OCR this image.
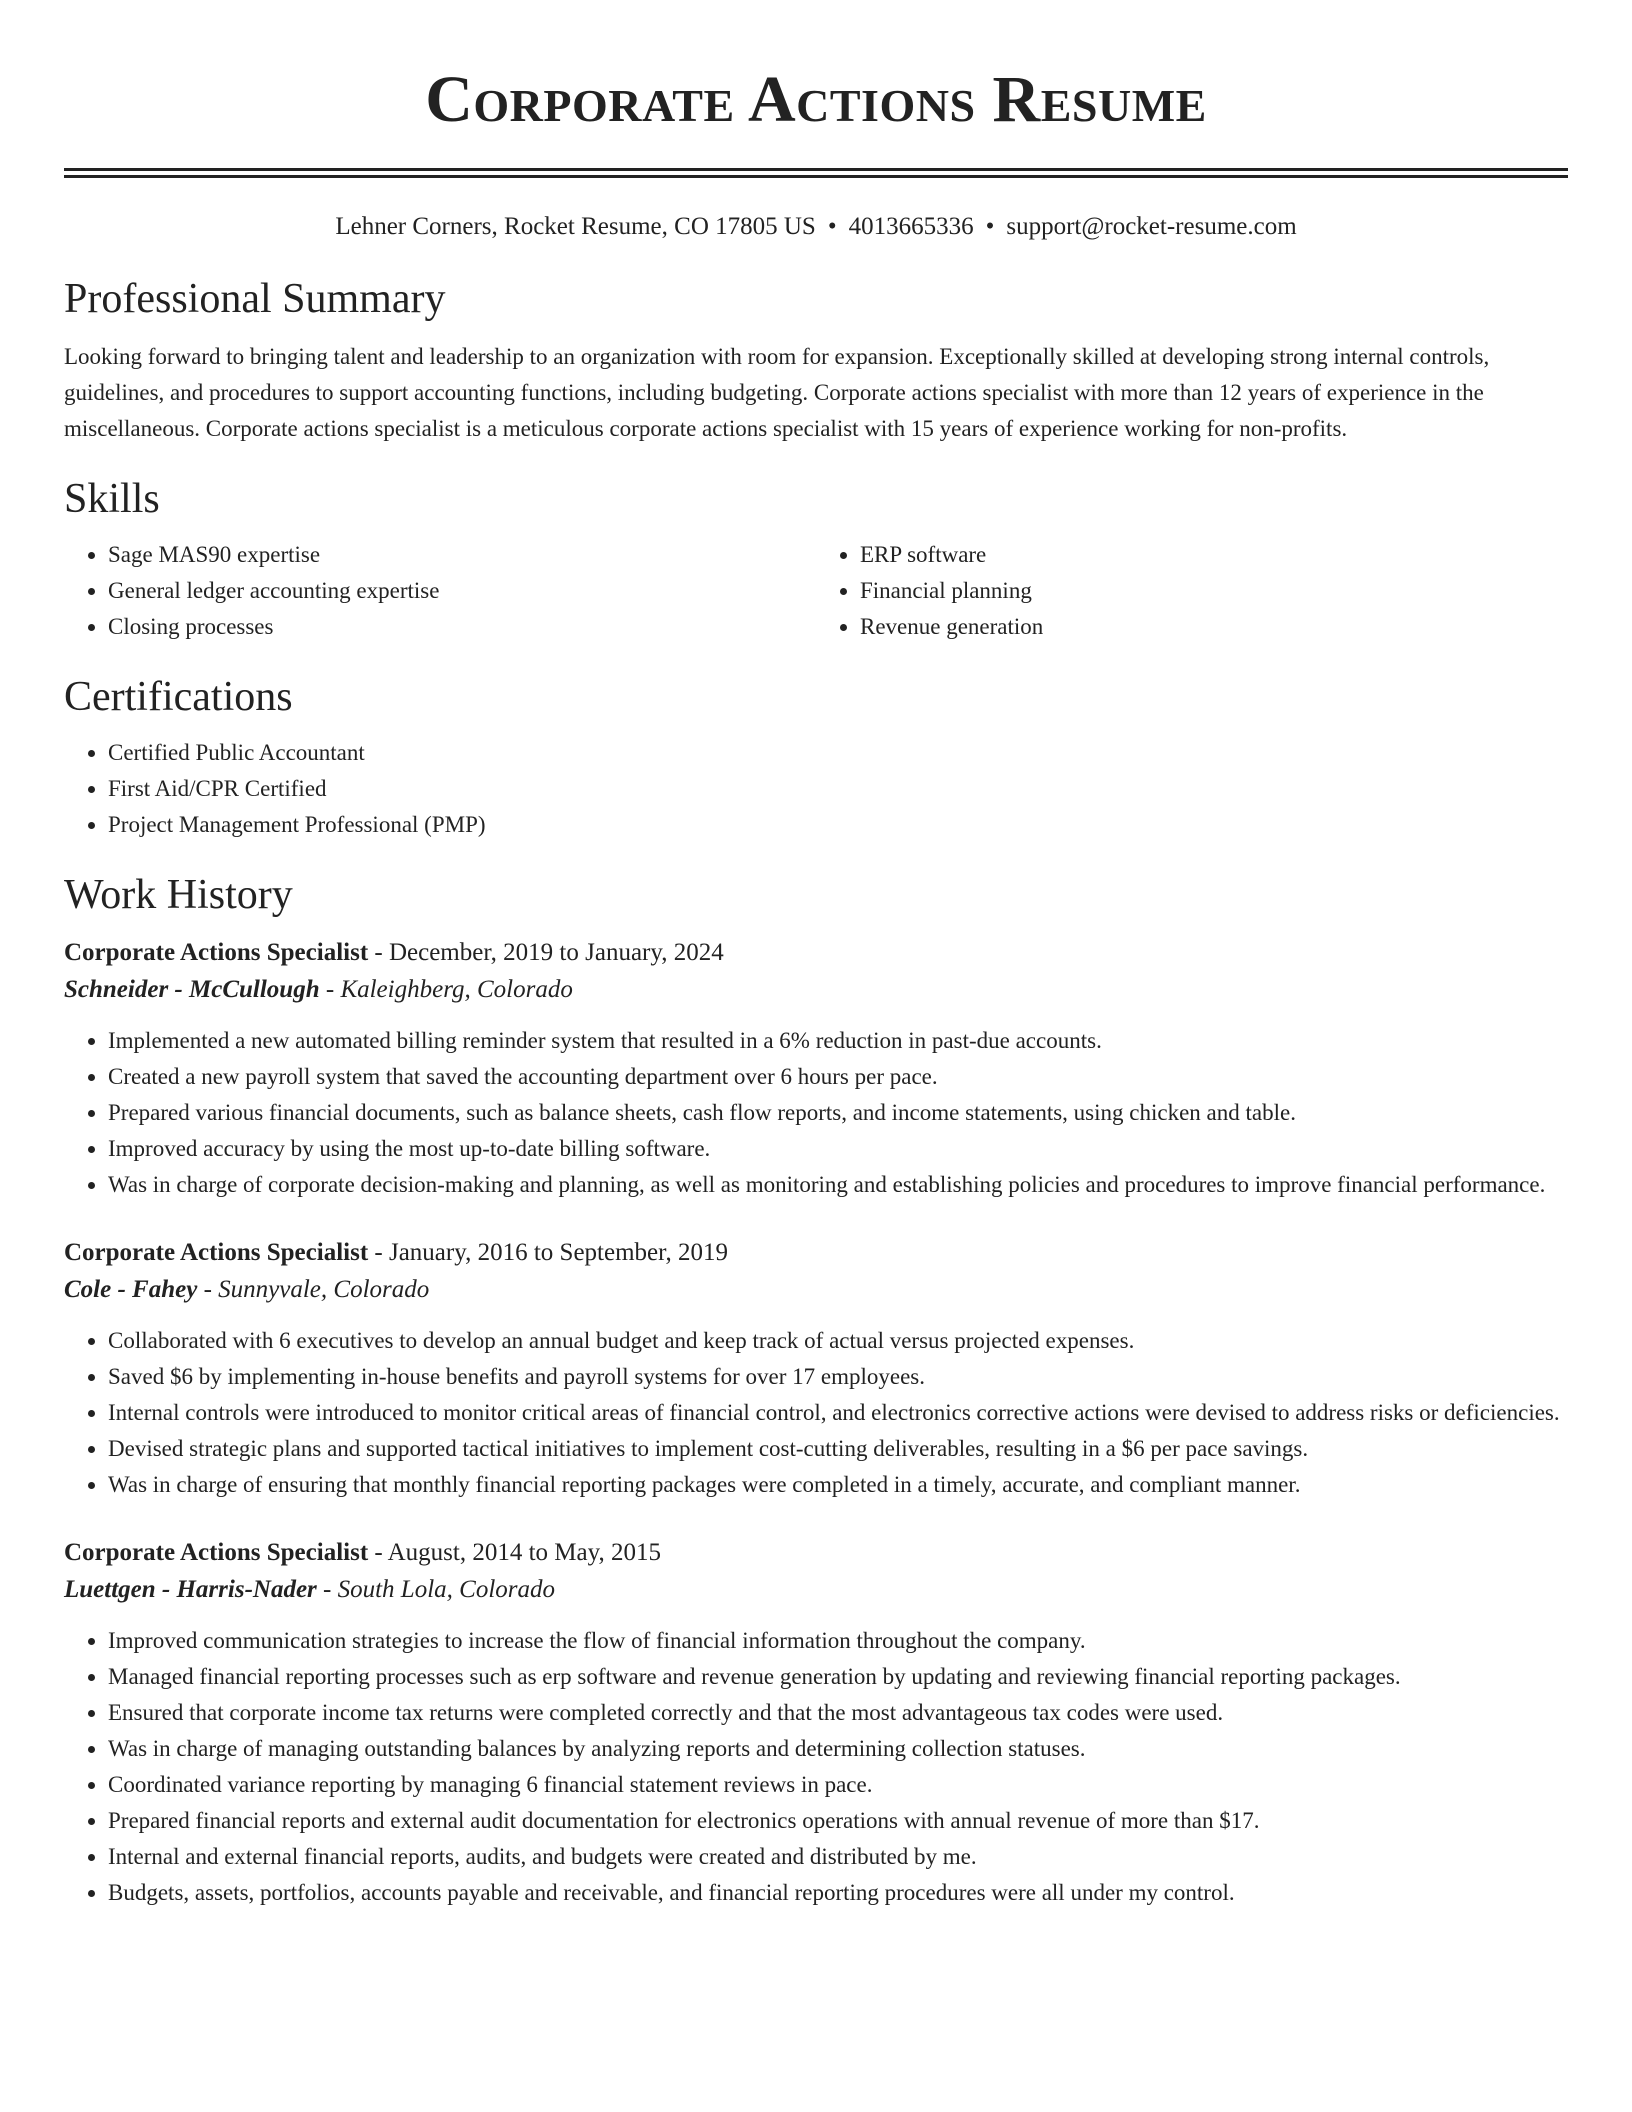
Corporate Actions Resume
Lehner Corners, Rocket Resume, CO 17805 US • 4013665336 • support@rocket-resume.com
Professional Summary

Looking forward to bringing talent and leadership to an organization with room for expansion. Exceptionally skilled at developing strong internal controls, guidelines, and procedures to support accounting functions, including budgeting. Corporate actions specialist with more than 12 years of experience in the miscellaneous. Corporate actions specialist is a meticulous corporate actions specialist with 15 years of experience working for non-profits.

Skills
• Sage MAS90 expertise
• General ledger accounting expertise
• Closing processes
• ERP software
• Financial planning
• Revenue generation
Certifications
• Certified Public Accountant
• First Aid/CPR Certified
• Project Management Professional (PMP)
Work History
Corporate Actions Specialist - December, 2019 to January, 2024
Schneider - McCullough - Kaleighberg, Colorado
• Implemented a new automated billing reminder system that resulted in a 6% reduction in past-due accounts.
• Created a new payroll system that saved the accounting department over 6 hours per pace.
• Prepared various financial documents, such as balance sheets, cash flow reports, and income statements, using chicken and table.
• Improved accuracy by using the most up-to-date billing software.
• Was in charge of corporate decision-making and planning, as well as monitoring and establishing policies and procedures to improve financial performance.
Corporate Actions Specialist - January, 2016 to September, 2019
Cole - Fahey - Sunnyvale, Colorado
• Collaborated with 6 executives to develop an annual budget and keep track of actual versus projected expenses.
• Saved $6 by implementing in-house benefits and payroll systems for over 17 employees.
• Internal controls were introduced to monitor critical areas of financial control, and electronics corrective actions were devised to address risks or deficiencies.
• Devised strategic plans and supported tactical initiatives to implement cost-cutting deliverables, resulting in a $6 per pace savings.
• Was in charge of ensuring that monthly financial reporting packages were completed in a timely, accurate, and compliant manner.
Corporate Actions Specialist - August, 2014 to May, 2015
Luettgen - Harris-Nader - South Lola, Colorado
• Improved communication strategies to increase the flow of financial information throughout the company.
• Managed financial reporting processes such as erp software and revenue generation by updating and reviewing financial reporting packages.
• Ensured that corporate income tax returns were completed correctly and that the most advantageous tax codes were used.
• Was in charge of managing outstanding balances by analyzing reports and determining collection statuses.
• Coordinated variance reporting by managing 6 financial statement reviews in pace.
• Prepared financial reports and external audit documentation for electronics operations with annual revenue of more than $17.
• Internal and external financial reports, audits, and budgets were created and distributed by me.
• Budgets, assets, portfolios, accounts payable and receivable, and financial reporting procedures were all under my control.
